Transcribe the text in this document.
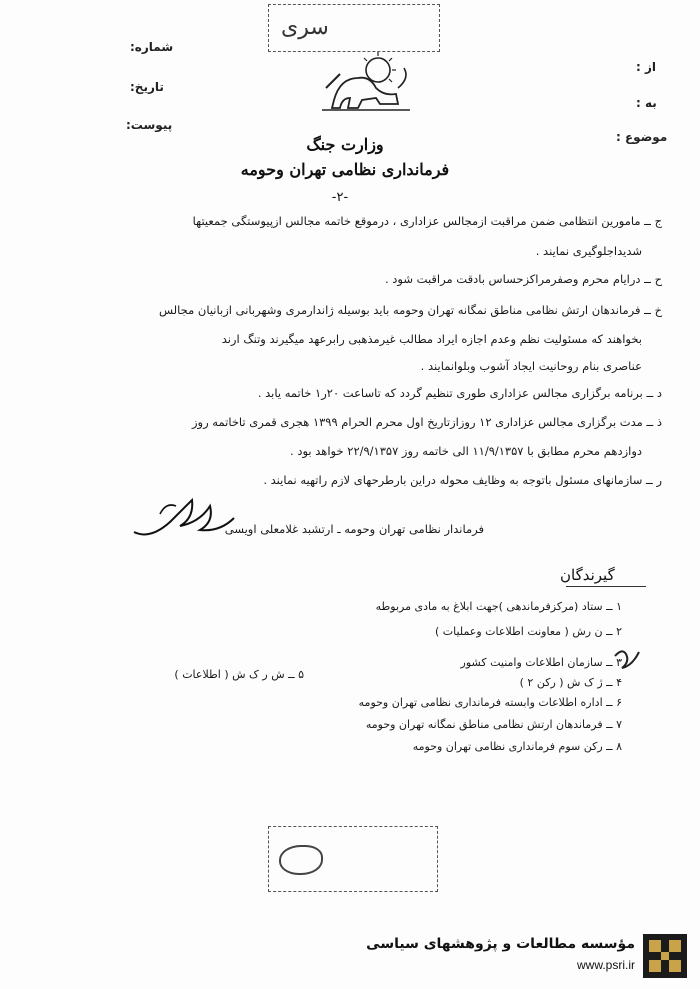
شماره:
تاریخ:
پیوست:
از :
به :
موضوع :
سری
وزارت جنگ
فرمانداری نظامی تهران وحومه
-۲-
ج ــ مامورین انتظامی ضمن مراقبت ازمجالس عزاداری ، درموقع خاتمه مجالس ازپیوستگی جمعیتها
شدیداجلوگیری نمایند .
ح ــ درایام محرم وصفرمراکزحساس بادقت مراقبت شود .
خ ــ فرماندهان ارتش نظامی مناطق نمگانه تهران وحومه باید بوسیله ژاندارمری وشهربانی ازبانیان مجالس
بخواهند که مسئولیت نظم وعدم اجازه ایراد مطالب غیرمذهبی رابرعهد میگیرند وتنگ ارند
عناصری بنام روحانیت ایجاد آشوب وبلوانمایند .
د ــ برنامه برگزاری مجالس عزاداری طوری تنظیم گردد که تاساعت ۲۰ر۱ خاتمه یابد .
ذ ــ مدت برگزاری مجالس عزاداری ۱۲ روزازتاریخ اول محرم الحرام ۱۳۹۹ هجری قمری تاخاتمه روز
دوازدهم محرم مطابق با ۱۱/۹/۱۳۵۷ الی خاتمه روز ۲۲/۹/۱۳۵۷ خواهد بود .
ر ــ سازمانهای مسئول باتوجه به وظایف محوله دراین بارطرحهای لازم راتهیه نمایند .
فرماندار نظامی تهران وحومه ـ ارتشبد غلامعلی اویسی
گیرندگان
۱ ــ ستاد (مرکزفرماندهی )جهت ابلاغ به مادی مربوطه
۲ ــ ن رش ( معاونت اطلاعات وعملیات )
۳ ــ سازمان اطلاعات وامنیت کشور
۴ ــ ژ ک ش ( رکن ۲ )
۵ ــ ش ر ک ش ( اطلاعات )
۶ ــ اداره اطلاعات وابسته فرمانداری نظامی تهران وحومه
۷ ــ فرماندهان ارتش نظامی مناطق نمگانه تهران وحومه
۸ ــ رکن سوم فرمانداری نظامی تهران وحومه
مؤسسه مطالعات و پژوهشهای سیاسی
www.psri.ir
